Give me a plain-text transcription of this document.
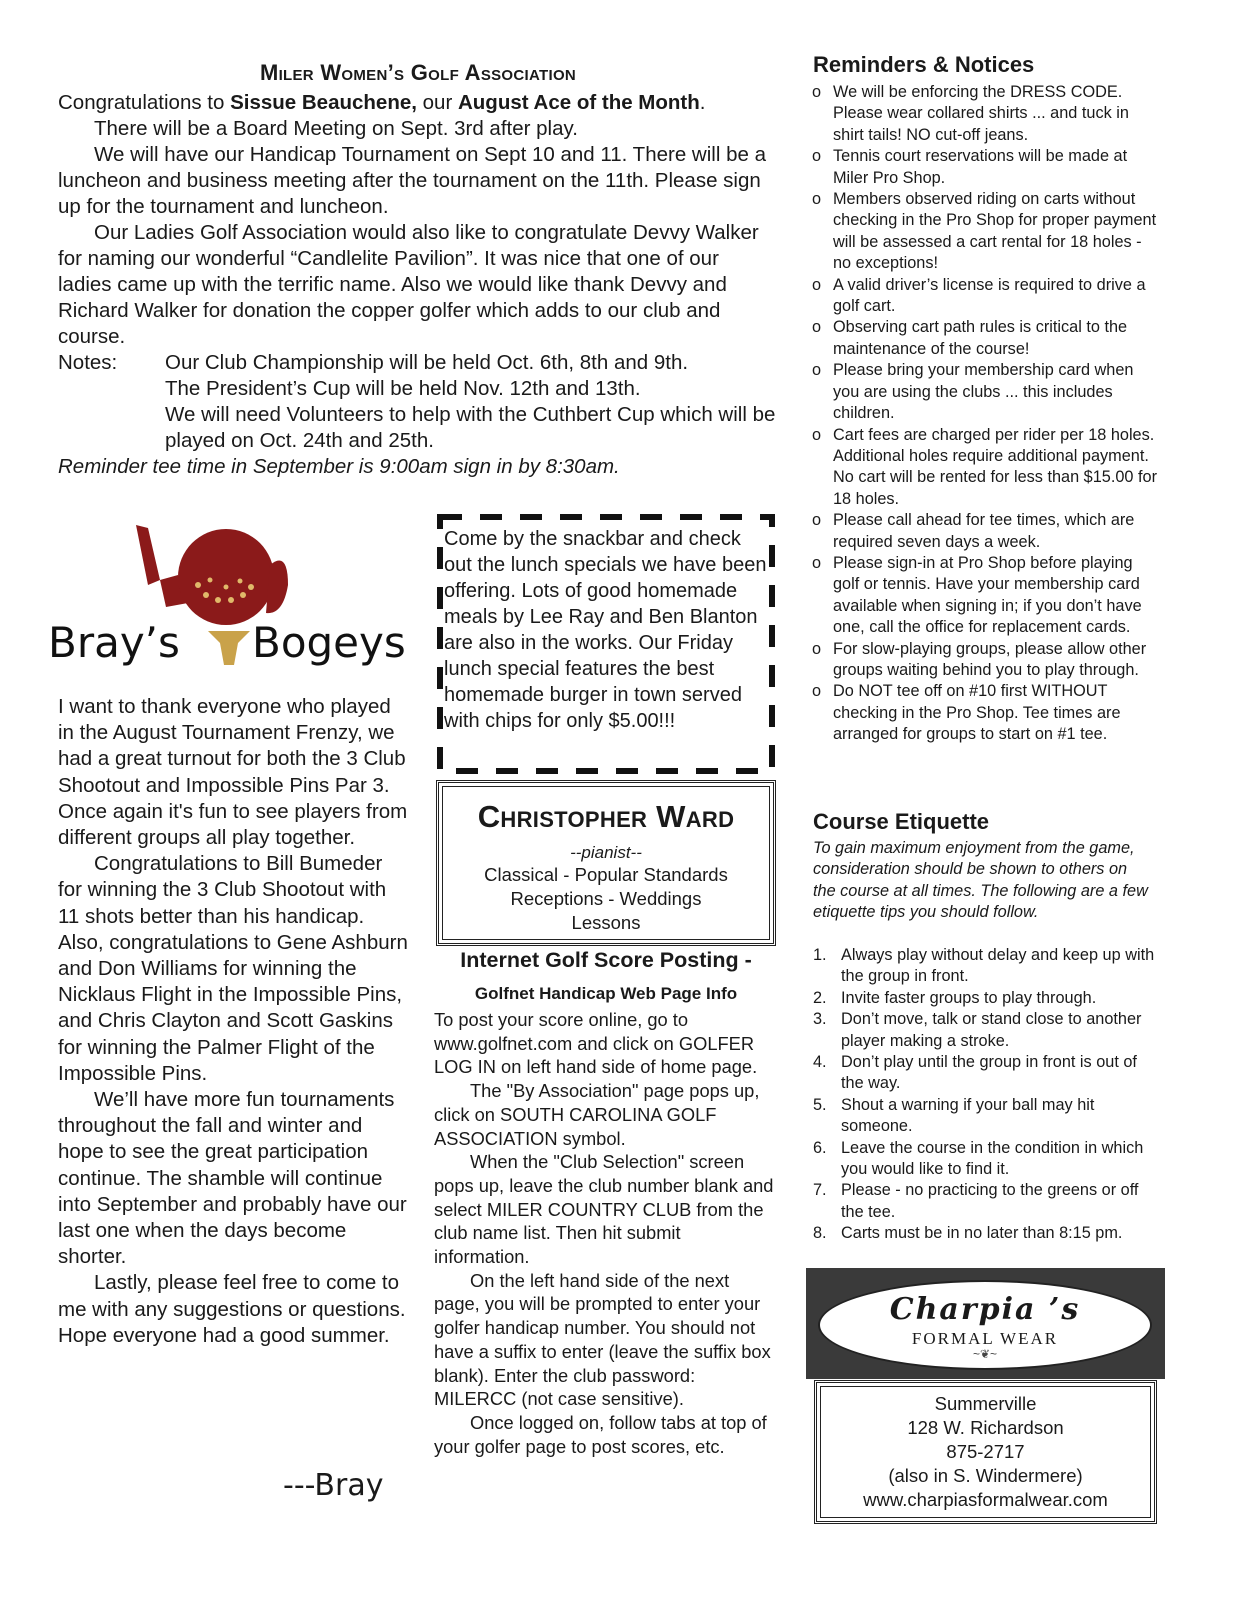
Miler Women’s Golf Association

Congratulations to Sissue Beauchene, our August Ace of the Month.

There will be a Board Meeting on Sept. 3rd after play.

We will have our Handicap Tournament on Sept 10 and 11. There will be a luncheon and business meeting after the tournament on the 11th. Please sign up for the tournament and luncheon.

Our Ladies Golf Association would also like to congratulate Devvy Walker for naming our wonderful “Candlelite Pavilion”. It was nice that one of our ladies came up with the terrific name. Also we would like thank Devvy and Richard Walker for donation the copper golfer which adds to our club and course.

Notes:	Our Club Championship will be held Oct. 6th, 8th and 9th.
The President’s Cup will be held Nov. 12th and 13th.
We will need Volunteers to help with the Cuthbert Cup which will be played on Oct. 24th and 25th.

Reminder tee time in September is 9:00am sign in by 8:30am.

Bray’s Bogeys

I want to thank everyone who played in the August Tournament Frenzy, we had a great turnout for both the 3 Club Shootout and Impossible Pins Par 3. Once again it's fun to see players from different groups all play together.

Congratulations to Bill Bumeder for winning the 3 Club Shootout with 11 shots better than his handicap. Also, congratulations to Gene Ashburn and Don Williams for winning the Nicklaus Flight in the Impossible Pins, and Chris Clayton and Scott Gaskins for winning the Palmer Flight of the Impossible Pins.

We’ll have more fun tournaments throughout the fall and winter and hope to see the great participation continue. The shamble will continue into September and probably have our last one when the days become shorter.

Lastly, please feel free to come to me with any suggestions or questions. Hope everyone had a good summer.

---Bray
Come by the snackbar and check out the lunch specials we have been offering. Lots of good homemade meals by Lee Ray and Ben Blanton are also in the works. Our Friday lunch special features the best homemade burger in town served with chips for only $5.00!!!
Christopher Ward
--pianist--
Classical - Popular Standards
Receptions - Weddings
Lessons
Internet Golf Score Posting -
Golfnet Handicap Web Page Info

To post your score online, go to www.golfnet.com and click on GOLFER LOG IN on left hand side of home page.

The "By Association" page pops up, click on SOUTH CAROLINA GOLF ASSOCIATION symbol.

When the "Club Selection" screen pops up, leave the club number blank and select MILER COUNTRY CLUB from the club name list. Then hit submit information.

On the left hand side of the next page, you will be prompted to enter your golfer handicap number. You should not have a suffix to enter (leave the suffix box blank). Enter the club password: MILERCC (not case sensitive).

Once logged on, follow tabs at top of your golfer page to post scores, etc.

Reminders & Notices
o We will be enforcing the DRESS CODE. Please wear collared shirts ... and tuck in shirt tails! NO cut-off jeans.
o Tennis court reservations will be made at Miler Pro Shop.
o Members observed riding on carts without checking in the Pro Shop for proper payment will be assessed a cart rental for 18 holes - no exceptions!
o A valid driver’s license is required to drive a golf cart.
o Observing cart path rules is critical to the maintenance of the course!
o Please bring your membership card when you are using the clubs ... this includes children.
o Cart fees are charged per rider per 18 holes. Additional holes require additional payment. No cart will be rented for less than $15.00 for 18 holes.
o Please call ahead for tee times, which are required seven days a week.
o Please sign-in at Pro Shop before playing golf or tennis. Have your membership card available when signing in; if you don’t have one, call the office for replacement cards.
o For slow-playing groups, please allow other groups waiting behind you to play through.
o Do NOT tee off on #10 first WITHOUT checking in the Pro Shop. Tee times are arranged for groups to start on #1 tee.
Course Etiquette
To gain maximum enjoyment from the game, consideration should be shown to others on the course at all times. The following are a few etiquette tips you should follow.
1. Always play without delay and keep up with the group in front.
2. Invite faster groups to play through.
3. Don’t move, talk or stand close to another player making a stroke.
4. Don’t play until the group in front is out of the way.
5. Shout a warning if your ball may hit someone.
6. Leave the course in the condition in which you would like to find it.
7. Please - no practicing to the greens or off the tee.
8. Carts must be in no later than 8:15 pm.
Charpia ’s
FORMAL WEAR
~❦~
Summerville
128 W. Richardson
875-2717
(also in S. Windermere)
www.charpiasformalwear.com
